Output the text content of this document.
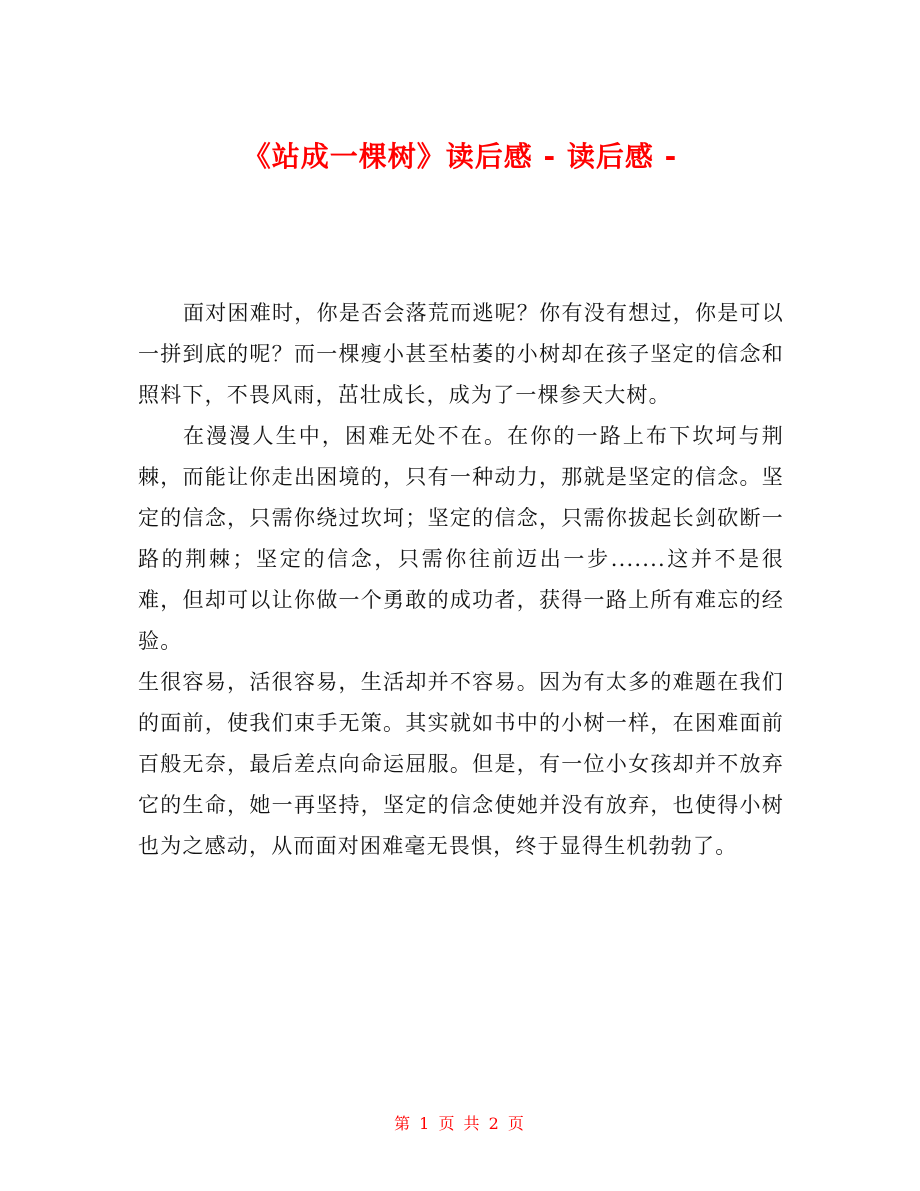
《站成一棵树》读后感 - 读后感 -

面对困难时，你是否会落荒而逃呢？你有没有想过，你是可以一拼到底的呢？而一棵瘦小甚至枯萎的小树却在孩子坚定的信念和照料下，不畏风雨，茁壮成长，成为了一棵参天大树。

在漫漫人生中，困难无处不在。在你的一路上布下坎坷与荆棘，而能让你走出困境的，只有一种动力，那就是坚定的信念。坚定的信念，只需你绕过坎坷；坚定的信念，只需你拔起长剑砍断一路的荆棘；坚定的信念，只需你往前迈出一步.......这并不是很难，但却可以让你做一个勇敢的成功者，获得一路上所有难忘的经验。

生很容易，活很容易，生活却并不容易。因为有太多的难题在我们的面前，使我们束手无策。其实就如书中的小树一样，在困难面前百般无奈，最后差点向命运屈服。但是，有一位小女孩却并不放弃它的生命，她一再坚持，坚定的信念使她并没有放弃，也使得小树也为之感动，从而面对困难毫无畏惧，终于显得生机勃勃了。

第 1 页 共 2 页
